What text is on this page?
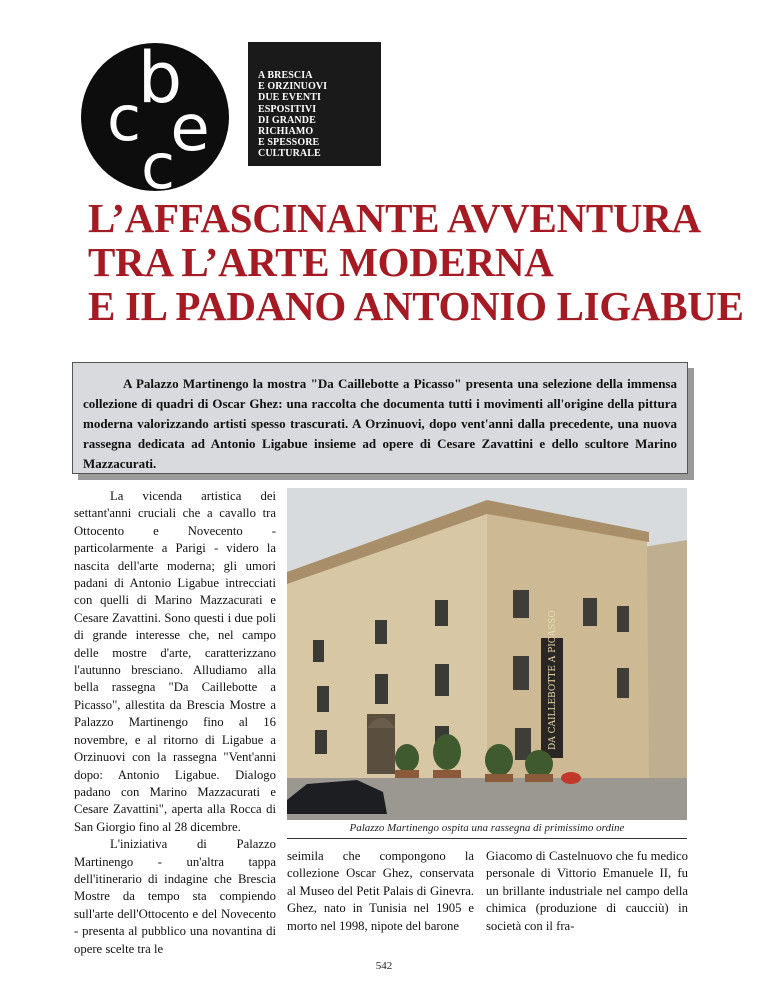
b
c e
c
A BRESCIA
E ORZINUOVI
DUE EVENTI
ESPOSITIVI
DI GRANDE
RICHIAMO
E SPESSORE
CULTURALE
L’AFFASCINANTE AVVENTURA
TRA L’ARTE MODERNA
E IL PADANO ANTONIO LIGABUE

A Palazzo Martinengo la mostra "Da Caillebotte a Picasso" presenta una selezione della immensa collezione di quadri di Oscar Ghez: una raccolta che documenta tutti i movimenti all'origine della pittura moderna valorizzando artisti spesso trascurati. A Orzinuovi, dopo vent'anni dalla precedente, una nuova rassegna dedicata ad Antonio Ligabue insieme ad opere di Cesare Zavattini e dello scultore Marino Mazzacurati.

La vicenda artistica dei settant'anni cruciali che a cavallo tra Ottocento e Novecento - particolarmente a Parigi - videro la nascita dell'arte moderna; gli umori padani di Antonio Ligabue intrecciati con quelli di Marino Mazzacurati e Cesare Zavattini. Sono questi i due poli di grande interesse che, nel campo delle mostre d'arte, caratterizzano l'autunno bresciano. Alludiamo alla bella rassegna "Da Caillebotte a Picasso", allestita da Brescia Mostre a Palazzo Martinengo fino al 16 novembre, e al ritorno di Ligabue a Orzinuovi con la rassegna "Vent'anni dopo: Antonio Ligabue. Dialogo padano con Marino Mazzacurati e Cesare Zavattini", aperta alla Rocca di San Giorgio fino al 28 dicembre.

L'iniziativa di Palazzo Martinengo - un'altra tappa dell'itinerario di indagine che Brescia Mostre da tempo sta compiendo sull'arte dell'Ottocento e del Novecento - presenta al pubblico una novantina di opere scelte tra le

DA CAILLEBOTTE A PICASSO
Palazzo Martinengo ospita una rassegna di primissimo ordine

seimila che compongono la collezione Oscar Ghez, conservata al Museo del Petit Palais di Ginevra. Ghez, nato in Tunisia nel 1905 e morto nel 1998, nipote del barone

Giacomo di Castelnuovo che fu medico personale di Vittorio Emanuele II, fu un brillante industriale nel campo della chimica (produzione di caucciù) in società con il fra-

542
